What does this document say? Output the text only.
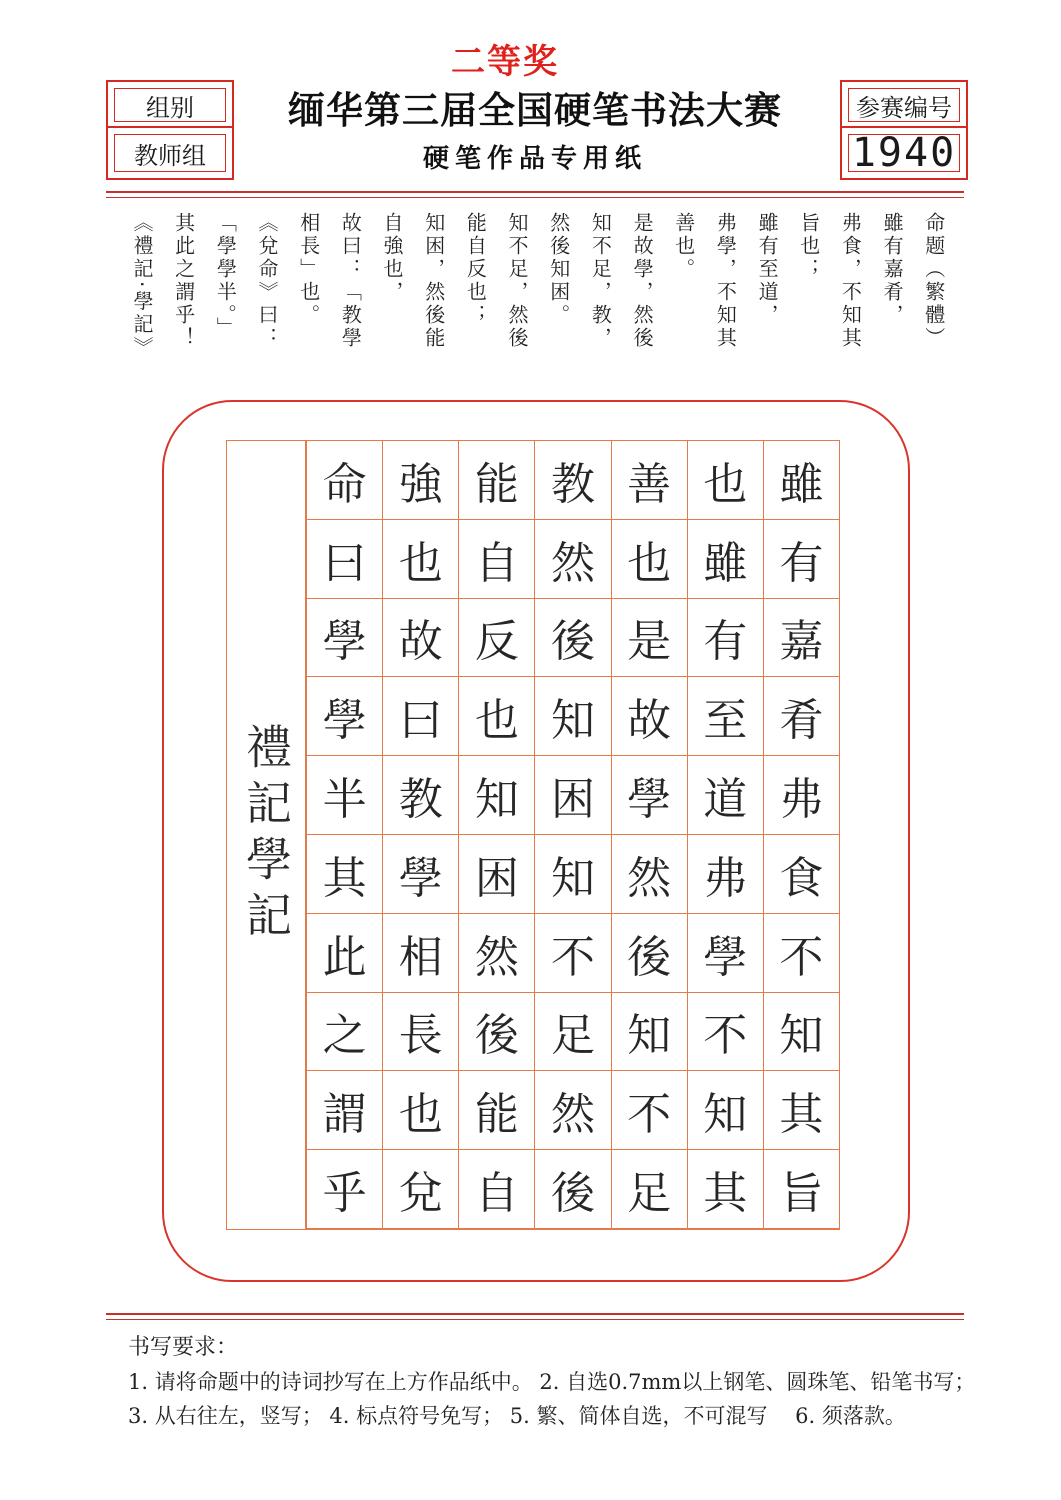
二等奖
组别
教师组
缅华第三届全国硬笔书法大赛
硬笔作品专用纸
参赛编号
1940
命题（繁體）
雖有嘉肴，
弗食，不知其
旨也；
雖有至道，
弗學，不知其
善也。
是故學，然後
知不足，教，
然後知困。
知不足，然後
能自反也；
知困，然後能
自強也，
故曰：「教學
相長」也。
《兌命》曰：
「學學半。」
其此之謂乎！
《禮記·學記》
禮記學記
雖
有
嘉
肴
弗
食
不
知
其
旨
也
雖
有
至
道
弗
學
不
知
其
善
也
是
故
學
然
後
知
不
足
教
然
後
知
困
知
不
足
然
後
能
自
反
也
知
困
然
後
能
自
強
也
故
曰
教
學
相
長
也
兌
命
曰
學
學
半
其
此
之
謂
乎
书写要求：
1. 请将命题中的诗词抄写在上方作品纸中。 2. 自选0.7mm以上钢笔、圆珠笔、铅笔书写；
3. 从右往左，竖写； 4. 标点符号免写； 5. 繁、简体自选，不可混写　 6. 须落款。
